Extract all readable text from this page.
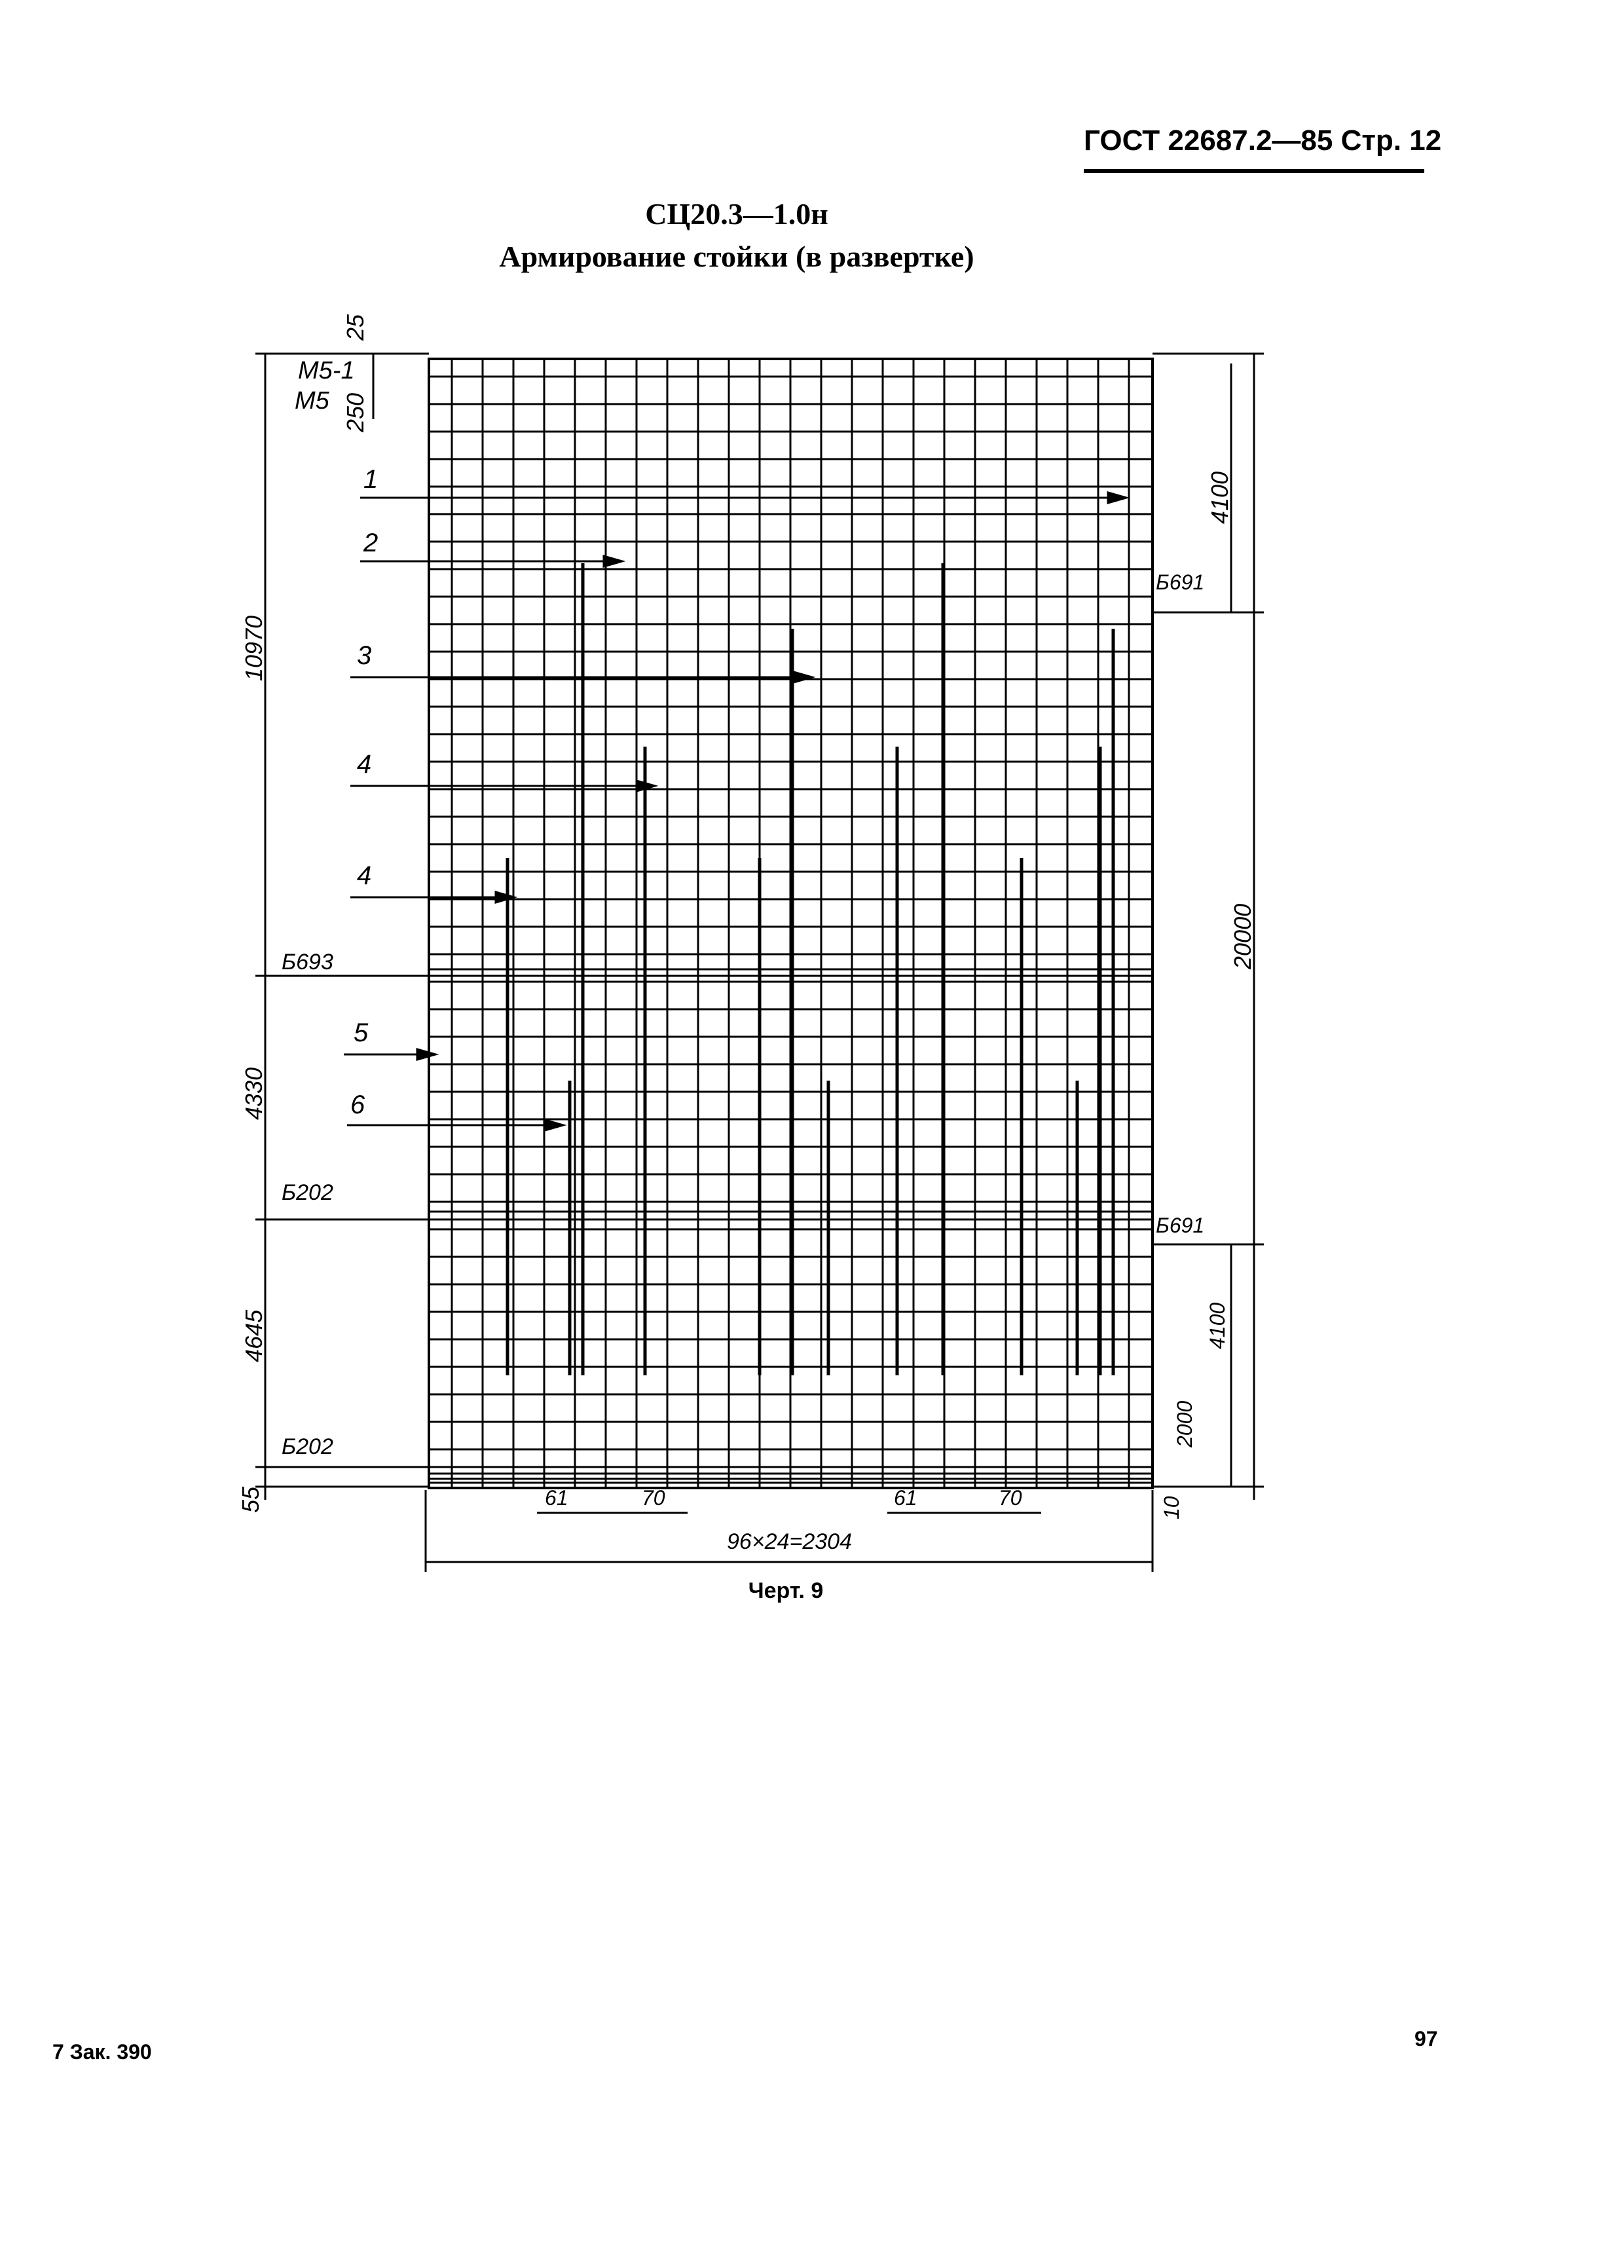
ГОСТ 22687.2—85 Стр. 12
СЦ20.3—1.0н
Армирование стойки (в развертке)
25
250
10970
4330
4645
55
М5-1
М5
Б693
Б202
Б202
1
2
3
4
4
5
6
4100
20000
4100
2000
Б691
Б691
61	70	61	70	10
96×24=2304
Черт. 9
7 Зак. 390
97
